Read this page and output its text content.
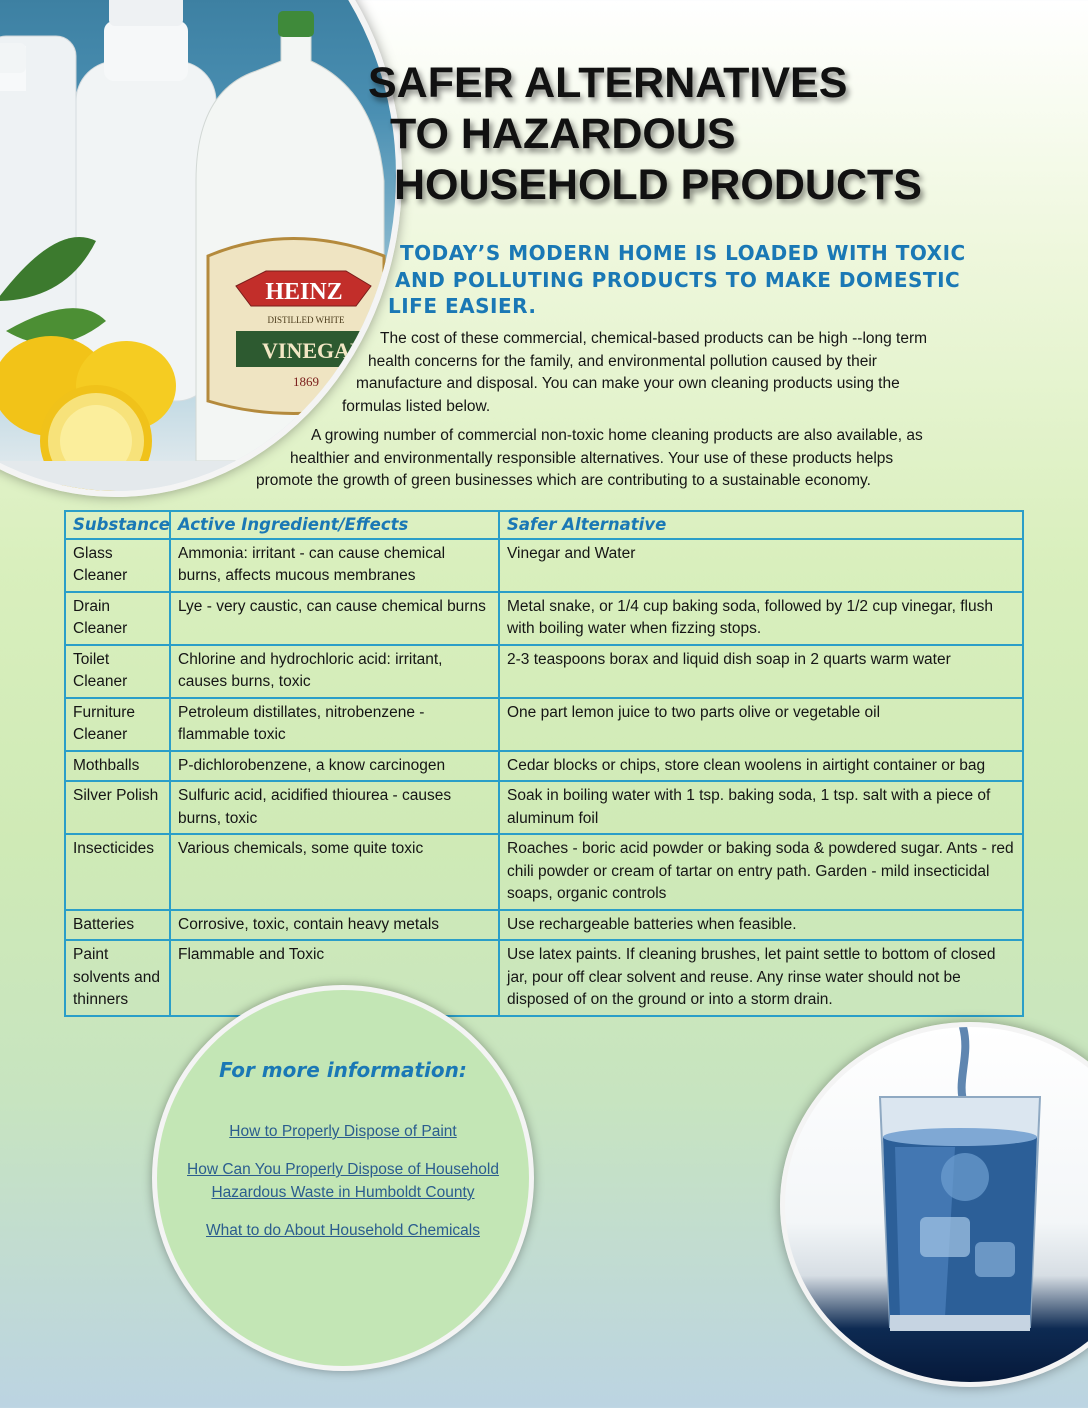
HEINZ
DISTILLED WHITE
VINEGAR
1869
SAFER ALTERNATIVES
TO HAZARDOUS
HOUSEHOLD PRODUCTS
TODAY’S MODERN HOME IS LOADED WITH TOXIC
AND POLLUTING PRODUCTS TO MAKE DOMESTIC
LIFE EASIER.

The cost of these commercial, chemical-based products can be high --long term
health concerns for the family, and environmental pollution caused by their
manufacture and disposal. You can make your own cleaning products using the
formulas listed below.

A growing number of commercial non-toxic home cleaning products are also available, as
healthier and environmentally responsible alternatives. Your use of these products helps
promote the growth of green businesses which are contributing to a sustainable economy.

Substance	Active Ingredient/Effects	Safer Alternative
Glass Cleaner	Ammonia: irritant - can cause chemical burns, affects mucous membranes	Vinegar and Water
Drain Cleaner	Lye - very caustic, can cause chemical burns	Metal snake, or 1/4 cup baking soda, followed by 1/2 cup vinegar, flush with boiling water when fizzing stops.
Toilet Cleaner	Chlorine and hydrochloric acid: irritant, causes burns, toxic	2-3 teaspoons borax and liquid dish soap in 2 quarts warm water
Furniture Cleaner	Petroleum distillates, nitrobenzene - flammable toxic	One part lemon juice to two parts olive or vegetable oil
Mothballs	P-dichlorobenzene, a know carcinogen	Cedar blocks or chips, store clean woolens in airtight container or bag
Silver Polish	Sulfuric acid, acidified thiourea - causes burns, toxic	Soak in boiling water with 1 tsp. baking soda, 1 tsp. salt with a piece of aluminum foil
Insecticides	Various chemicals, some quite toxic	Roaches - boric acid powder or baking soda & powdered sugar. Ants - red chili powder or cream of tartar on entry path. Garden - mild insecticidal soaps, organic controls
Batteries	Corrosive, toxic, contain heavy metals	Use rechargeable batteries when feasible.
Paint solvents and thinners	Flammable and Toxic	Use latex paints. If cleaning brushes, let paint settle to bottom of closed jar, pour off clear solvent and reuse. Any rinse water should not be disposed of on the ground or into a storm drain.
For more information:
How to Properly Dispose of Paint
How Can You Properly Dispose of Household
Hazardous Waste in Humboldt County
What to do About Household Chemicals
